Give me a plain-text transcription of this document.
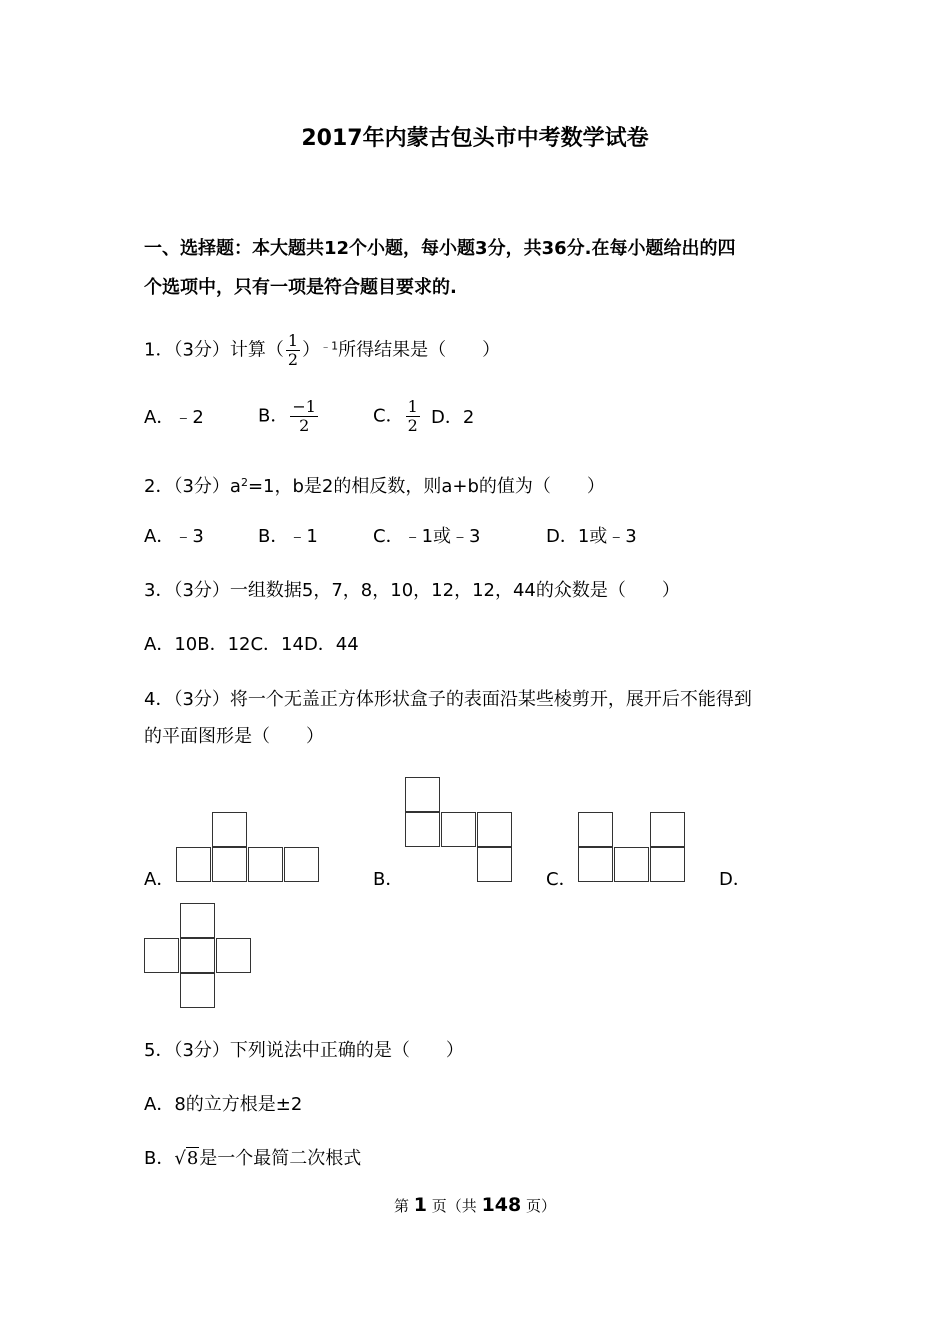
2017年内蒙古包头市中考数学试卷
一、选择题：本大题共12个小题，每小题3分，共36分.在每小题给出的四
个选项中，只有一项是符合题目要求的.
1．（3分）计算（ $\frac{1}{2} )^{﹣1}$所得结果是（　　）
A．﹣2	B． $\frac{-1}{2}$	C． $\frac{1}{2}$ D．2
2．（3分）$a^2=1$，b是2的相反数，则a+b的值为（　　）
A．﹣3	B．﹣1	C．﹣1或﹣3	D．1或﹣3
3．（3分）一组数据5，7，8，10，12，12，44的众数是（　　）
A．10B．12C．14D．44
4．（3分）将一个无盖正方体形状盒子的表面沿某些棱剪开，展开后不能得到
的平面图形是（　　）
A．	B．	C．	D．
5．（3分）下列说法中正确的是（　　）
A．8的立方根是±2
B．√8是一个最简二次根式
第 1 页（共 148 页）
